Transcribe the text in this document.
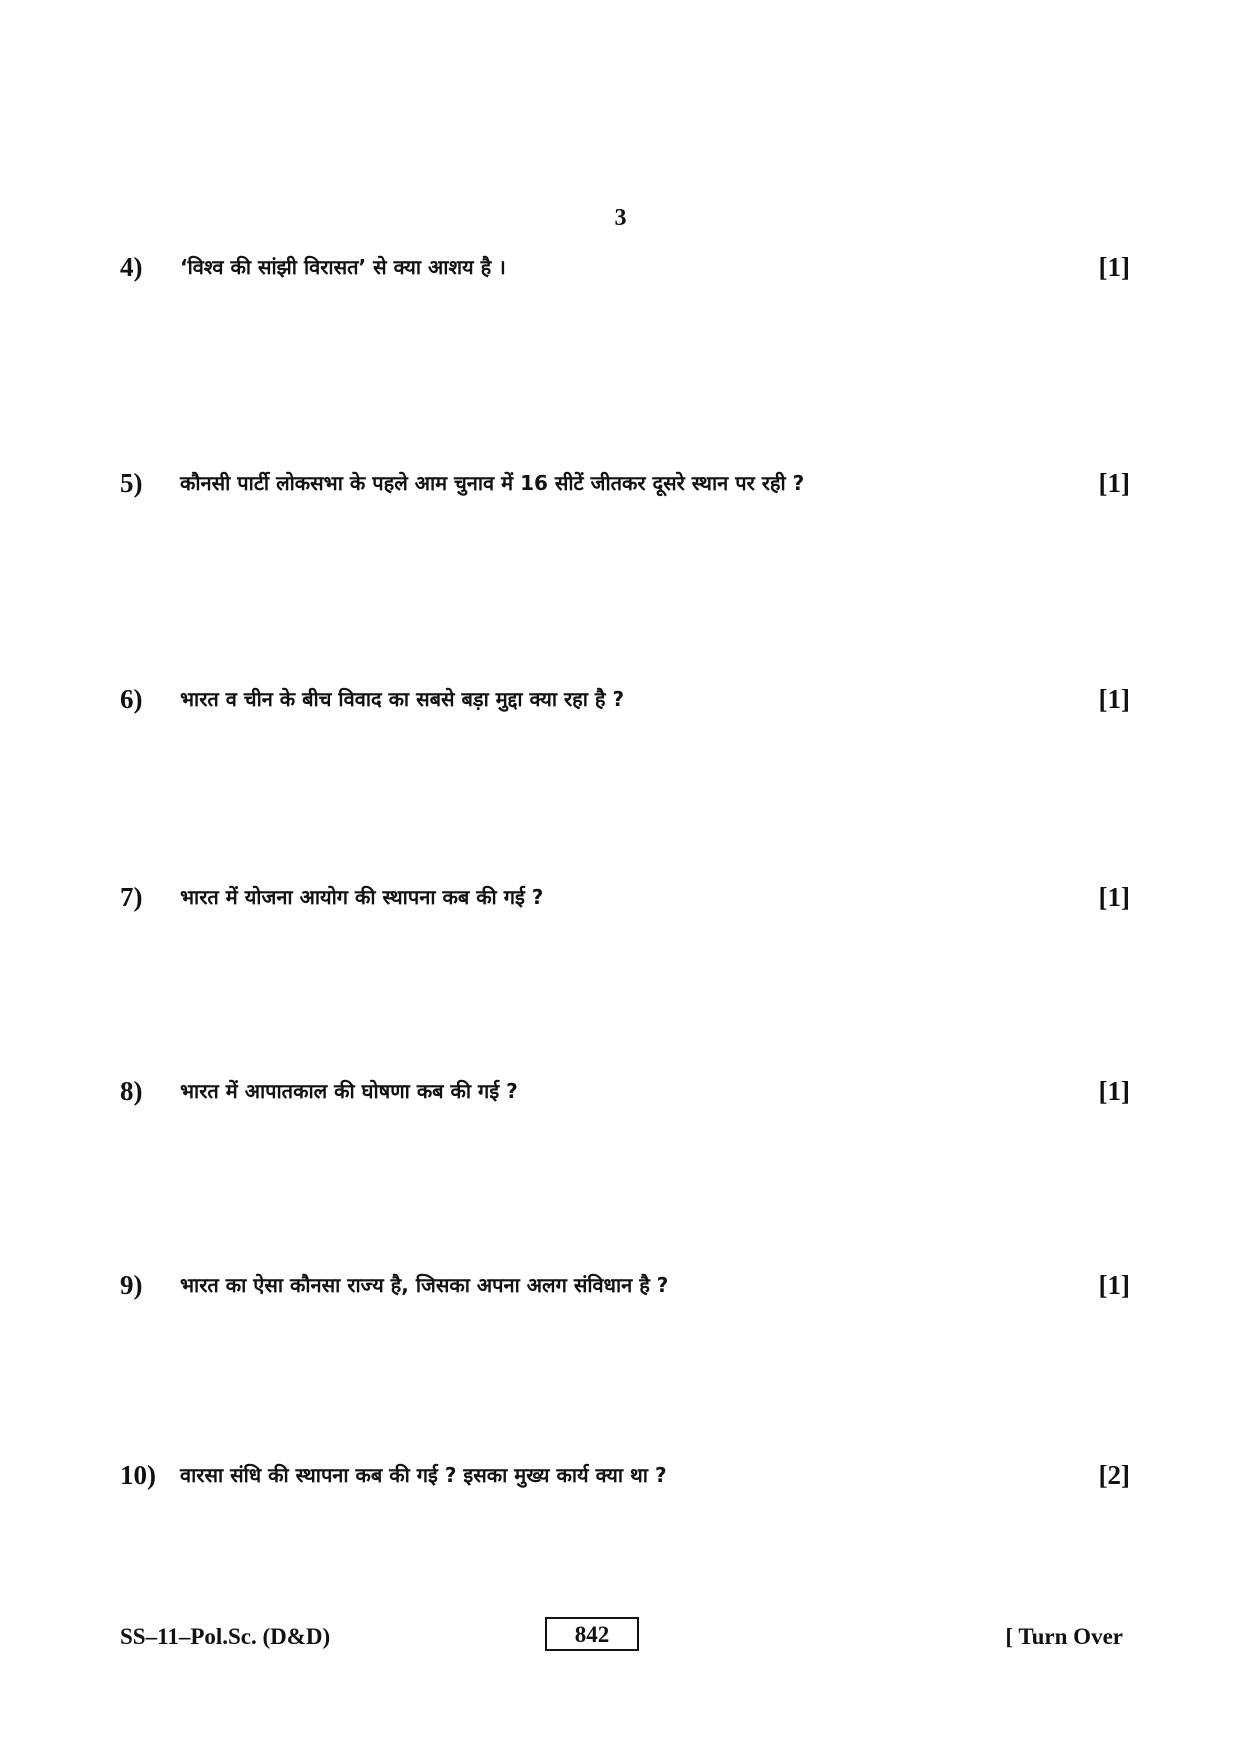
3
4) ‘विश्व की सांझी विरासत’ से क्या आशय है ।	[1]
5) कौनसी पार्टी लोकसभा के पहले आम चुनाव में 16 सीटें जीतकर दूसरे स्थान पर रही ?	[1]
6) भारत व चीन के बीच विवाद का सबसे बड़ा मुद्दा क्या रहा है ?	[1]
7) भारत में योजना आयोग की स्थापना कब की गई ?	[1]
8) भारत में आपातकाल की घोषणा कब की गई ?	[1]
9) भारत का ऐसा कौनसा राज्य है, जिसका अपना अलग संविधान है ?	[1]
10) वारसा संधि की स्थापना कब की गई ? इसका मुख्य कार्य क्या था ?	[2]
SS–11–Pol.Sc. (D&D)	842	[ Turn Over
